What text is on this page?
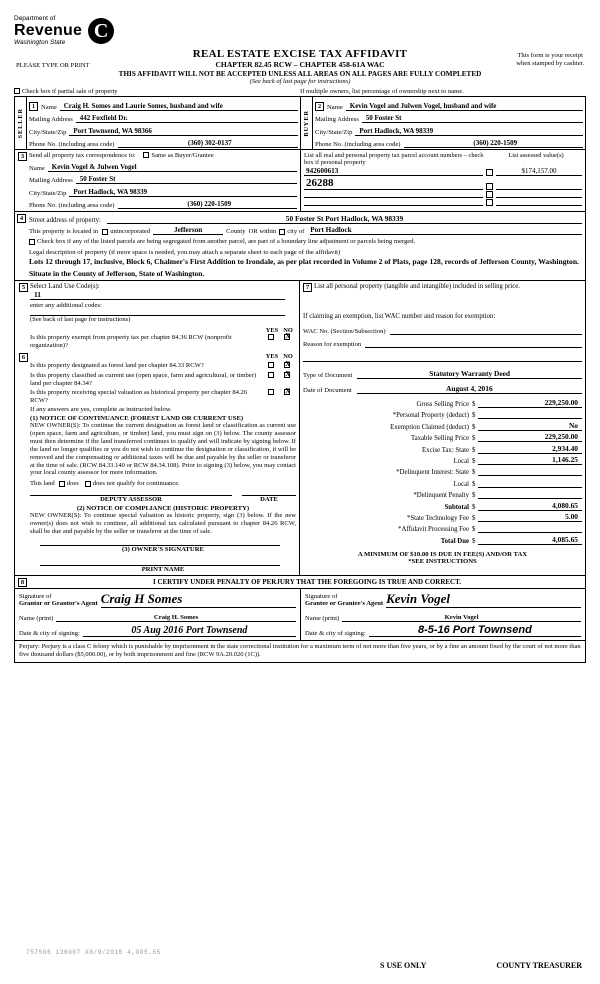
Department of
Revenue
Washington State
C
REAL ESTATE EXCISE TAX AFFIDAVIT
CHAPTER 82.45 RCW – CHAPTER 458-61A WAC
PLEASE TYPE OR PRINT
This form is your receipt
when stamped by cashier.
THIS AFFIDAVIT WILL NOT BE ACCEPTED UNLESS ALL AREAS ON ALL PAGES ARE FULLY COMPLETED
(See back of last page for instructions)
Check box if partial sale of property	If multiple owners, list percentage of ownership next to name.
SELLER
1 Name	Craig H. Somes and Laurie Somes, husband and wife
Mailing Address	442 Foxfield Dr.
City/State/Zip	Port Townsend, WA 98366
Phone No. (including area code)	(360) 302-0137
BUYER
2 Name	Kevin Vogel and Julwen Vogel, husband and wife
Mailing Address	50 Foster St
City/State/Zip	Port Hadlock, WA 98339
Phone No. (including area code)	(360) 220-1509
3 Send all property tax correspondence to: Same as Buyer/Grantee
Name	Kevin Vogel & Julwen Vogel
Mailing Address	50 Foster St
City/State/Zip	Port Hadlock, WA 98339
Phone No. (including area code)	(360) 220-1509
List all real and personal property tax parcel account numbers – check box if personal property
List assessed value(s)
942600613	$174,157.00
26288
4 Street address of property:	50 Foster St Port Hadlock, WA 98339
This property is located in unincorporated	Jefferson	County OR within city of Port Hadlock
Check box if any of the listed parcels are being segregated from another parcel, are part of a boundary line adjustment or parcels being merged.
Legal description of property (if more space is needed, you may attach a separate sheet to each page of the affidavit)
Lots 12 through 17, inclusive, Block 6, Chalmer's First Addition to Irondale, as per plat recorded in Volume 2 of Plats, page 128, records of Jefferson County, Washington.
Situate in the County of Jefferson, State of Washington.
5 Select Land Use Code(s):
11
enter any additional codes:
(See back of last page for instructions)
YES NO
Is this property exempt from property tax per chapter 84.36 RCW (nonprofit organization)?
X
6	YES NO
Is this property designated as forest land per chapter 84.33 RCW?
X
Is this property classified as current use (open space, farm and agricultural, or timber) land per chapter 84.34?
X
Is this property receiving special valuation as historical property per chapter 84.26 RCW?
X
If any answers are yes, complete as instructed below.
(1) NOTICE OF CONTINUANCE (FOREST LAND OR CURRENT USE)
NEW OWNER(S): To continue the current designation as forest land or classification as current use (open space, farm and agriculture, or timber) land, you must sign on (3) below. The county assessor must then determine if the land transferred continues to qualify and will indicate by signing below. If the land no longer qualifies or you do not wish to continue the designation or classification, it will be removed and the compensating or additional taxes will be due and payable by the seller or transferor at the time of sale. (RCW 84.33.140 or RCW 84.34.108). Prior to signing (3) below, you may contact your local county assessor for more information.
This land does does not qualify for continuance.
DEPUTY ASSESSOR	DATE
(2) NOTICE OF COMPLIANCE (HISTORIC PROPERTY)
NEW OWNER(S): To continue special valuation as historic property, sign (3) below. If the new owner(s) does not wish to continue, all additional tax calculated pursuant to chapter 84.26 RCW, shall be due and payable by the seller or transferor at the time of sale.
(3) OWNER'S SIGNATURE
PRINT NAME
7 List all personal property (tangible and intangible) included in selling price.
If claiming an exemption, list WAC number and reason for exemption:
WAC No. (Section/Subsection)
Reason for exemption
Type of Document	Statutory Warranty Deed
Date of Document	August 4, 2016
Gross Selling Price $	229,250.00
*Personal Property (deduct) $
Exemption Claimed (deduct) $	No
Taxable Selling Price $	229,250.00
Excise Tax: State $	2,934.40
Local $	1,146.25
*Delinquent Interest: State $
Local $
*Delinquent Penalty $
Subtotal $	4,080.65
*State Technology Fee $	5.00
*Affidavit Processing Fee $
Total Due $	4,085.65
A MINIMUM OF $10.00 IS DUE IN FEE(S) AND/OR TAX
*SEE INSTRUCTIONS
8	I CERTIFY UNDER PENALTY OF PERJURY THAT THE FOREGOING IS TRUE AND CORRECT.
Signature of
Grantor or Grantor's Agent Craig H Somes
Name (print)	Craig H. Somes
Date & city of signing:	05 Aug 2016 Port Townsend
Signature of
Grantee or Grantee's Agent Kevin Vogel
Name (print)	Kevin Vogel
Date & city of signing:	8-5-16 Port Townsend
Perjury: Perjury is a class C felony which is punishable by imprisonment in the state correctional institution for a maximum term of not more than five years, or by a fine an amount fixed by the court of not more than five thousand dollars ($5,000.00), or by both imprisonment and fine (RCW 9A.20.020 (1C)).
757506 136007 X8/9/2016 4,085.65
S USE ONLY	COUNTY TREASURER
